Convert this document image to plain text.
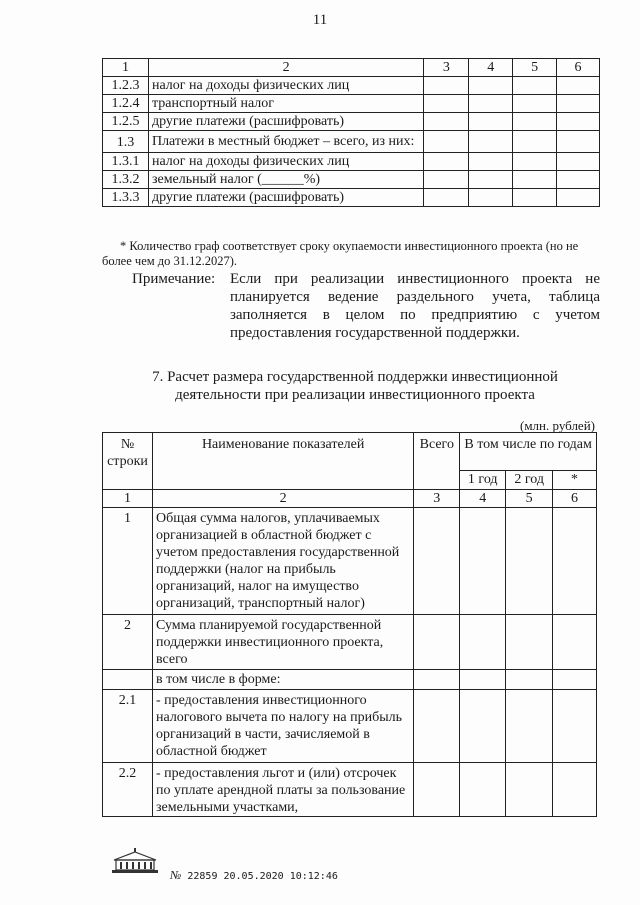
11
1	2	3	4	5	6
1.2.3	налог на доходы физических лиц				
1.2.4	транспортный налог				
1.2.5	другие платежи (расшифровать)				
1.3	Платежи в местный бюджет – всего, из них:				
1.3.1	налог на доходы физических лиц				
1.3.2	земельный налог (______%)				
1.3.3	другие платежи (расшифровать)				
* Количество граф соответствует сроку окупаемости инвестиционного проекта (но не более чем до 31.12.2027).
Примечание: Если при реализации инвестиционного проекта не планируется ведение раздельного учета, таблица заполняется в целом по предприятию с учетом предоставления государственной поддержки.
7. Расчет размера государственной поддержки инвестиционной деятельности при реализации инвестиционного проекта
(млн. рублей)
№ строки	Наименование показателей	Всего	В том числе по годам		
			1 год	2 год	*
1	2	3	4	5	6
1	Общая сумма налогов, уплачиваемых организацией в областной бюджет с учетом предоставления государственной поддержки (налог на прибыль организаций, налог на имущество организаций, транспортный налог)				
2	Сумма планируемой государственной поддержки инвестиционного проекта, всего				
	в том числе в форме:				
2.1	- предоставления инвестиционного налогового вычета по налогу на прибыль организаций в части, зачисляемой в областной бюджет				
2.2	- предоставления льгот и (или) отсрочек по уплате арендной платы за пользование земельными участками,				
№ 22859 20.05.2020 10:12:46
